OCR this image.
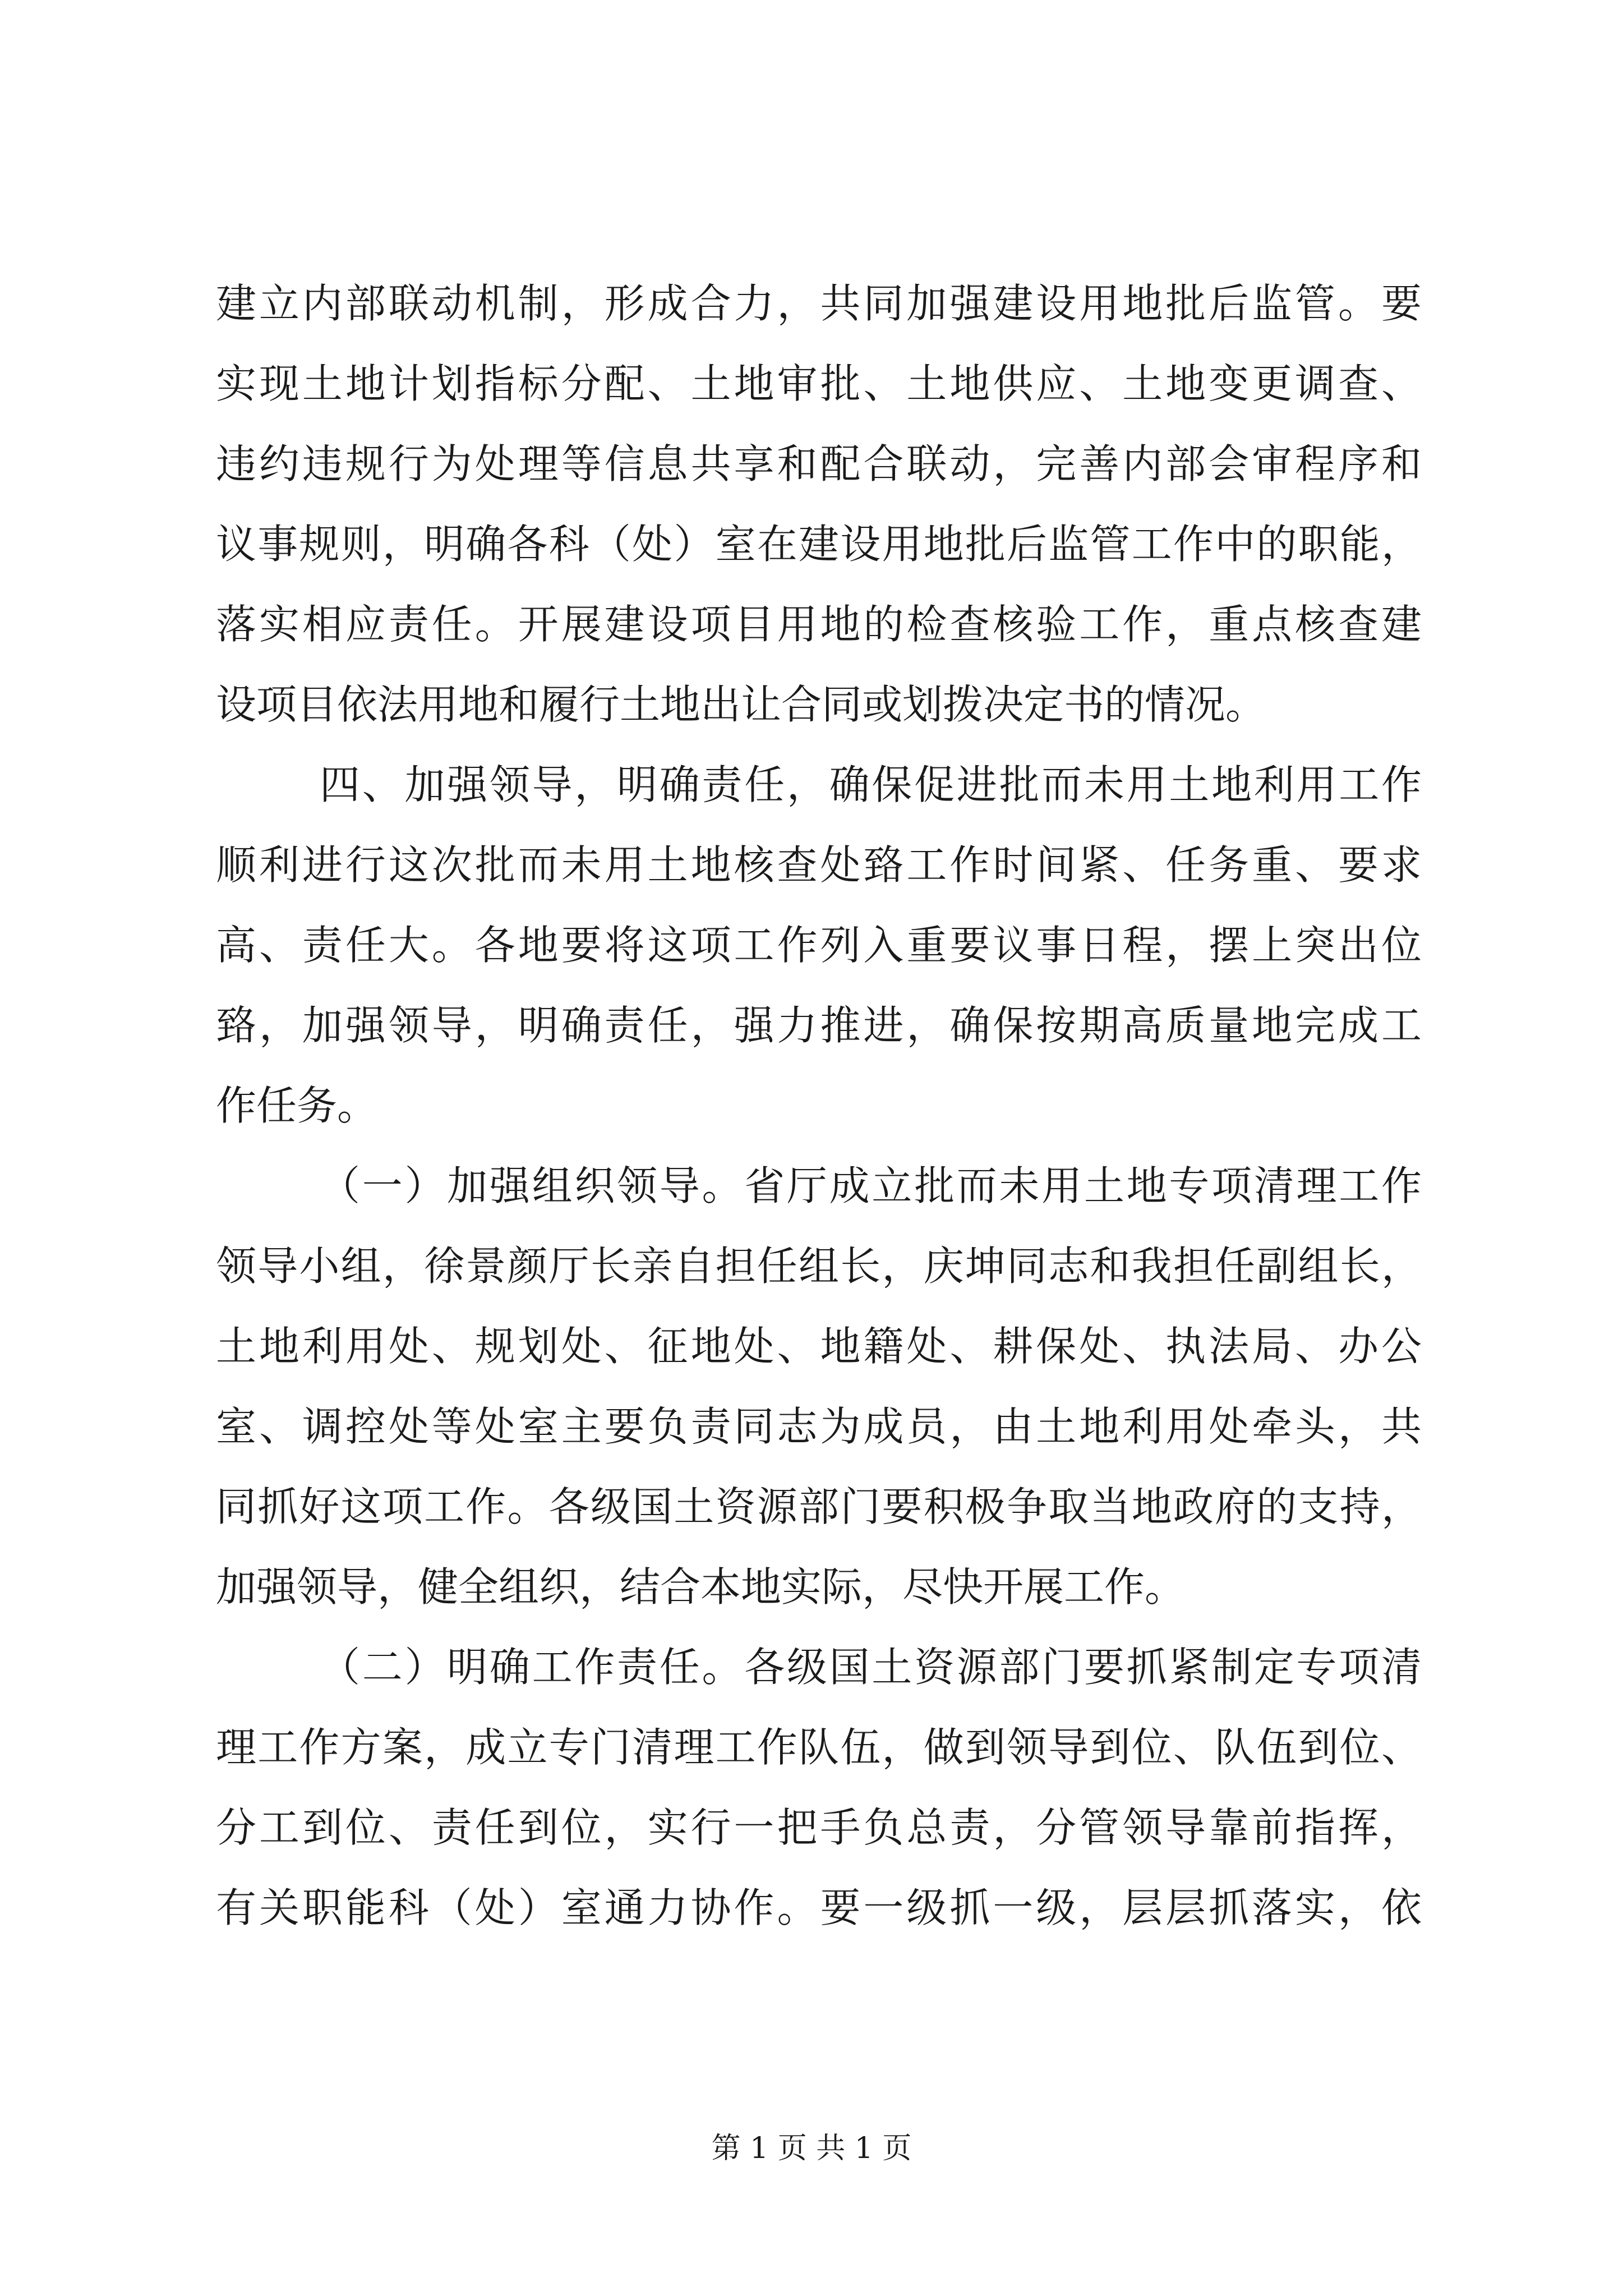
建立内部联动机制，形成合力，共同加强建设用地批后监管。要
实现土地计划指标分配、土地审批、土地供应、土地变更调查、
违约违规行为处理等信息共享和配合联动，完善内部会审程序和
议事规则，明确各科（处）室在建设用地批后监管工作中的职能，
落实相应责任。开展建设项目用地的检查核验工作，重点核查建
设项目依法用地和履行土地出让合同或划拨决定书的情况。
四、加强领导，明确责任，确保促进批而未用土地利用工作
顺利进行这次批而未用土地核查处臵工作时间紧、任务重、要求
高、责任大。各地要将这项工作列入重要议事日程，摆上突出位
臵，加强领导，明确责任，强力推进，确保按期高质量地完成工
作任务。
（一）加强组织领导。省厅成立批而未用土地专项清理工作
领导小组，徐景颜厅长亲自担任组长，庆坤同志和我担任副组长，
土地利用处、规划处、征地处、地籍处、耕保处、执法局、办公
室、调控处等处室主要负责同志为成员，由土地利用处牵头，共
同抓好这项工作。各级国土资源部门要积极争取当地政府的支持，
加强领导，健全组织，结合本地实际，尽快开展工作。
（二）明确工作责任。各级国土资源部门要抓紧制定专项清
理工作方案，成立专门清理工作队伍，做到领导到位、队伍到位、
分工到位、责任到位，实行一把手负总责，分管领导靠前指挥，
有关职能科（处）室通力协作。要一级抓一级，层层抓落实，依
第 1 页 共 1 页
